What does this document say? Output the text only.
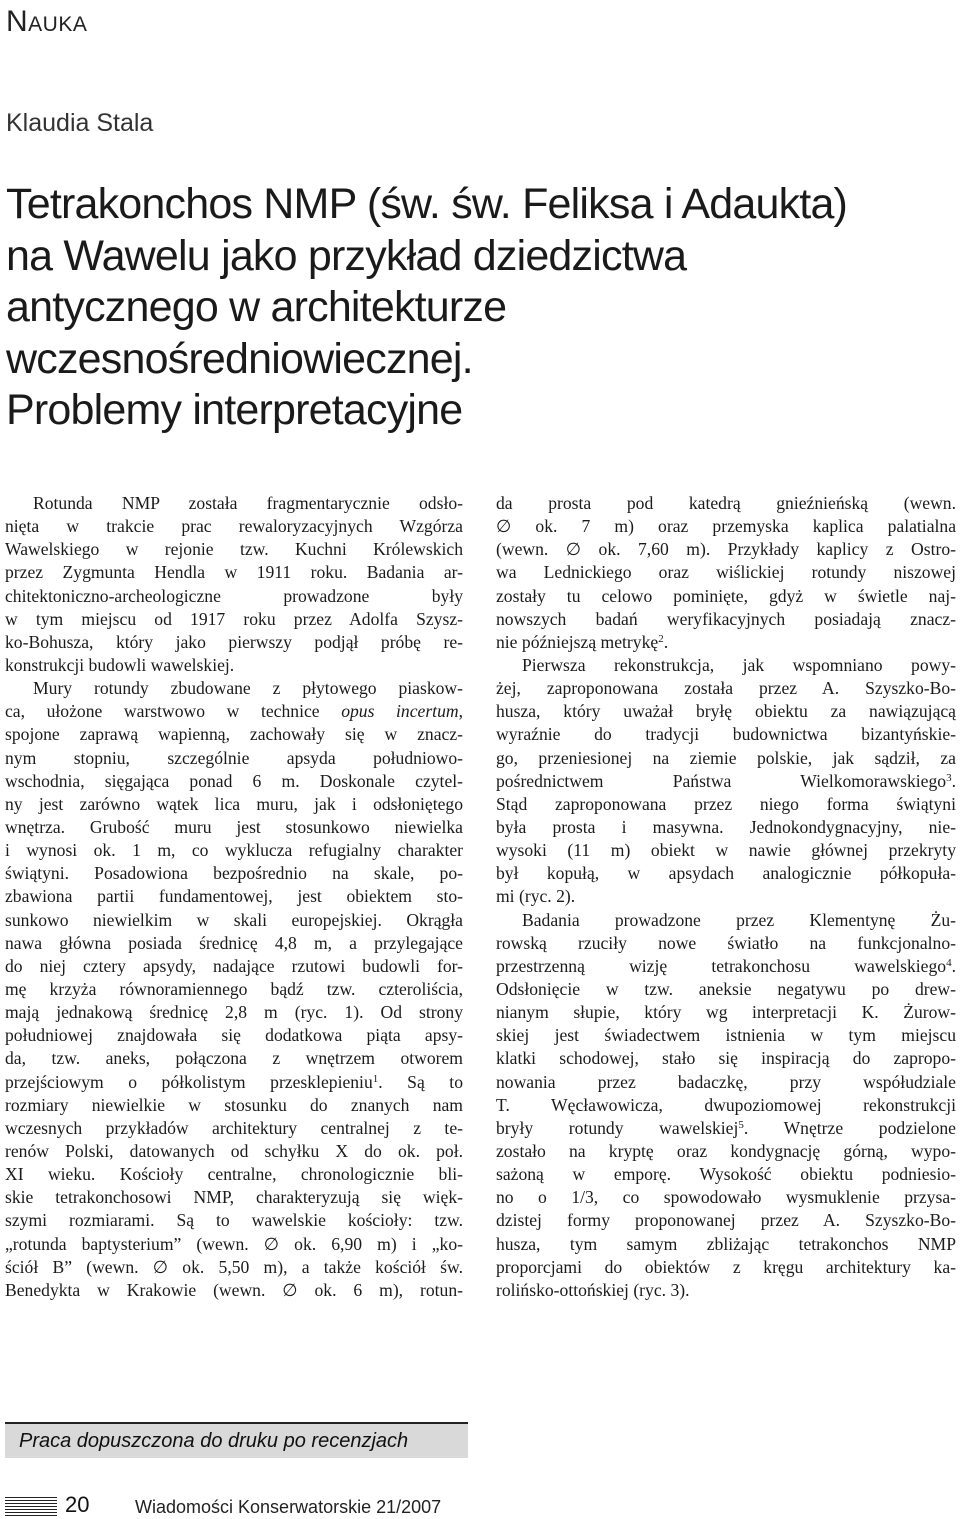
Nauka
Klaudia Stala
Tetrakonchos NMP (św. św. Feliksa i Adaukta)
na Wawelu jako przykład dziedzictwa
antycznego w architekturze
wczesnośredniowiecznej.
Problemy interpretacyjne
Rotunda NMP została fragmentarycznie odsło-
nięta w trakcie prac rewaloryzacyjnych Wzgórza
Wawelskiego w rejonie tzw. Kuchni Królewskich
przez Zygmunta Hendla w 1911 roku. Badania ar-
chitektoniczno-archeologiczne prowadzone były
w tym miejscu od 1917 roku przez Adolfa Szysz-
ko-Bohusza, który jako pierwszy podjął próbę re-
konstrukcji budowli wawelskiej.
Mury rotundy zbudowane z płytowego piaskow-
ca, ułożone warstwowo w technice opus incertum,
spojone zaprawą wapienną, zachowały się w znacz-
nym stopniu, szczególnie apsyda południowo-
wschodnia, sięgająca ponad 6 m. Doskonale czytel-
ny jest zarówno wątek lica muru, jak i odsłoniętego
wnętrza. Grubość muru jest stosunkowo niewielka
i wynosi ok. 1 m, co wyklucza refugialny charakter
świątyni. Posadowiona bezpośrednio na skale, po-
zbawiona partii fundamentowej, jest obiektem sto-
sunkowo niewielkim w skali europejskiej. Okrągła
nawa główna posiada średnicę 4,8 m, a przylegające
do niej cztery apsydy, nadające rzutowi budowli for-
mę krzyża równoramiennego bądź tzw. czteroliścia,
mają jednakową średnicę 2,8 m (ryc. 1). Od strony
południowej znajdowała się dodatkowa piąta apsy-
da, tzw. aneks, połączona z wnętrzem otworem
przejściowym o półkolistym przesklepieniu$^1$. Są to
rozmiary niewielkie w stosunku do znanych nam
wczesnych przykładów architektury centralnej z te-
renów Polski, datowanych od schyłku X do ok. poł.
XI wieku. Kościoły centralne, chronologicznie bli-
skie tetrakonchosowi NMP, charakteryzują się więk-
szymi rozmiarami. Są to wawelskie kościoły: tzw.
„rotunda baptysterium” (wewn. ∅ ok. 6,90 m) i „ko-
ściół B” (wewn. ∅ ok. 5,50 m), a także kościół św.
Benedykta w Krakowie (wewn. ∅ ok. 6 m), rotun-
da prosta pod katedrą gnieźnieńską (wewn.
∅ ok. 7 m) oraz przemyska kaplica palatialna
(wewn. ∅ ok. 7,60 m). Przykłady kaplicy z Ostro-
wa Lednickiego oraz wiślickiej rotundy niszowej
zostały tu celowo pominięte, gdyż w świetle naj-
nowszych badań weryfikacyjnych posiadają znacz-
nie późniejszą metrykę$^2$.
Pierwsza rekonstrukcja, jak wspomniano powy-
żej, zaproponowana została przez A. Szyszko-Bo-
husza, który uważał bryłę obiektu za nawiązującą
wyraźnie do tradycji budownictwa bizantyńskie-
go, przeniesionej na ziemie polskie, jak sądził, za
pośrednictwem Państwa Wielkomorawskiego$^3$.
Stąd zaproponowana przez niego forma świątyni
była prosta i masywna. Jednokondygnacyjny, nie-
wysoki (11 m) obiekt w nawie głównej przekryty
był kopułą, w apsydach analogicznie półkopuła-
mi (ryc. 2).
Badania prowadzone przez Klementynę Żu-
rowską rzuciły nowe światło na funkcjonalno-
przestrzenną wizję tetrakonchosu wawelskiego$^4$.
Odsłonięcie w tzw. aneksie negatywu po drew-
nianym słupie, który wg interpretacji K. Żurow-
skiej jest świadectwem istnienia w tym miejscu
klatki schodowej, stało się inspiracją do zapropo-
nowania przez badaczkę, przy współudziale
T. Węcławowicza, dwupoziomowej rekonstrukcji
bryły rotundy wawelskiej$^5$. Wnętrze podzielone
zostało na kryptę oraz kondygnację górną, wypo-
sażoną w emporę. Wysokość obiektu podniesio-
no o 1/3, co spowodowało wysmuklenie przysa-
dzistej formy proponowanej przez A. Szyszko-Bo-
husza, tym samym zbliżając tetrakonchos NMP
proporcjami do obiektów z kręgu architektury ka-
rolińsko-ottońskiej (ryc. 3).
Praca dopuszczona do druku po recenzjach
20	Wiadomości Konserwatorskie 21/2007
